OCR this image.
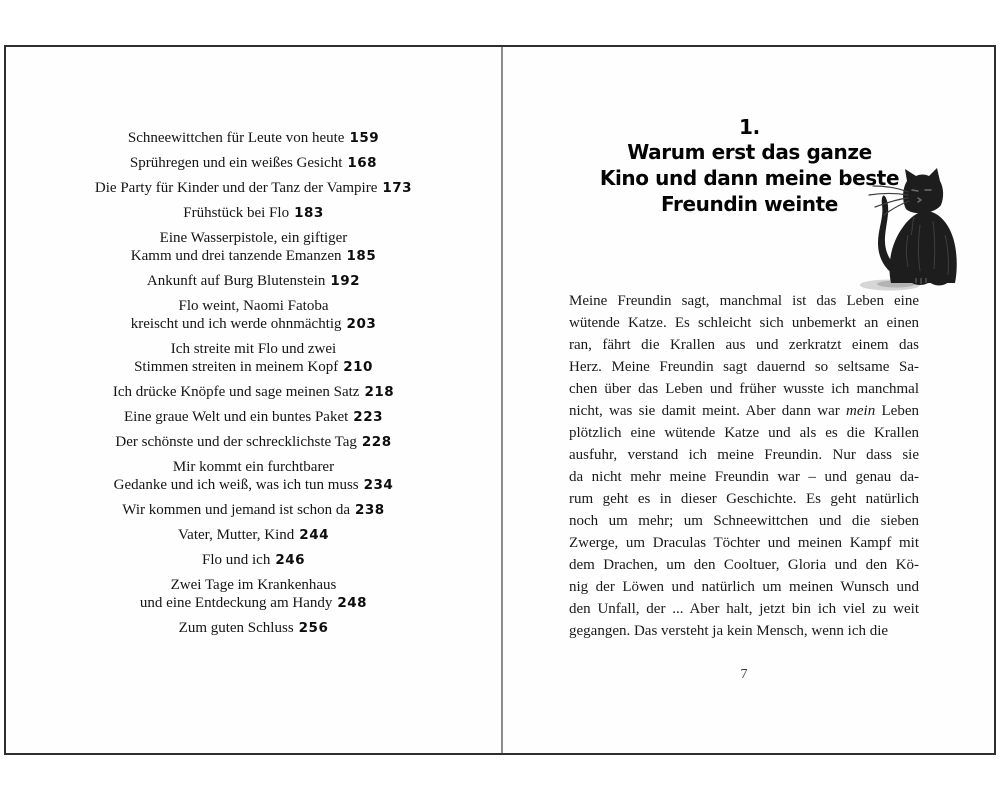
Schneewittchen für Leute von heute 159
Sprühregen und ein weißes Gesicht 168
Die Party für Kinder und der Tanz der Vampire 173
Frühstück bei Flo 183
Eine Wasserpistole, ein giftiger
Kamm und drei tanzende Emanzen 185
Ankunft auf Burg Blutenstein 192
Flo weint, Naomi Fatoba
kreischt und ich werde ohnmächtig 203
Ich streite mit Flo und zwei
Stimmen streiten in meinem Kopf 210
Ich drücke Knöpfe und sage meinen Satz 218
Eine graue Welt und ein buntes Paket 223
Der schönste und der schrecklichste Tag 228
Mir kommt ein furchtbarer
Gedanke und ich weiß, was ich tun muss 234
Wir kommen und jemand ist schon da 238
Vater, Mutter, Kind 244
Flo und ich 246
Zwei Tage im Krankenhaus
und eine Entdeckung am Handy 248
Zum guten Schluss 256
1.
Warum erst das ganze
Kino und dann meine beste
Freundin weinte
Meine Freundin sagt, manchmal ist das Leben eine
wütende Katze. Es schleicht sich unbemerkt an einen
ran, fährt die Krallen aus und zerkratzt einem das
Herz. Meine Freundin sagt dauernd so seltsame Sa-
chen über das Leben und früher wusste ich manchmal
nicht, was sie damit meint. Aber dann war mein Leben
plötzlich eine wütende Katze und als es die Krallen
ausfuhr, verstand ich meine Freundin. Nur dass sie
da nicht mehr meine Freundin war – und genau da-
rum geht es in dieser Geschichte. Es geht natürlich
noch um mehr; um Schneewittchen und die sieben
Zwerge, um Draculas Töchter und meinen Kampf mit
dem Drachen, um den Cooltuer, Gloria und den Kö-
nig der Löwen und natürlich um meinen Wunsch und
den Unfall, der ... Aber halt, jetzt bin ich viel zu weit
gegangen. Das versteht ja kein Mensch, wenn ich die
7
